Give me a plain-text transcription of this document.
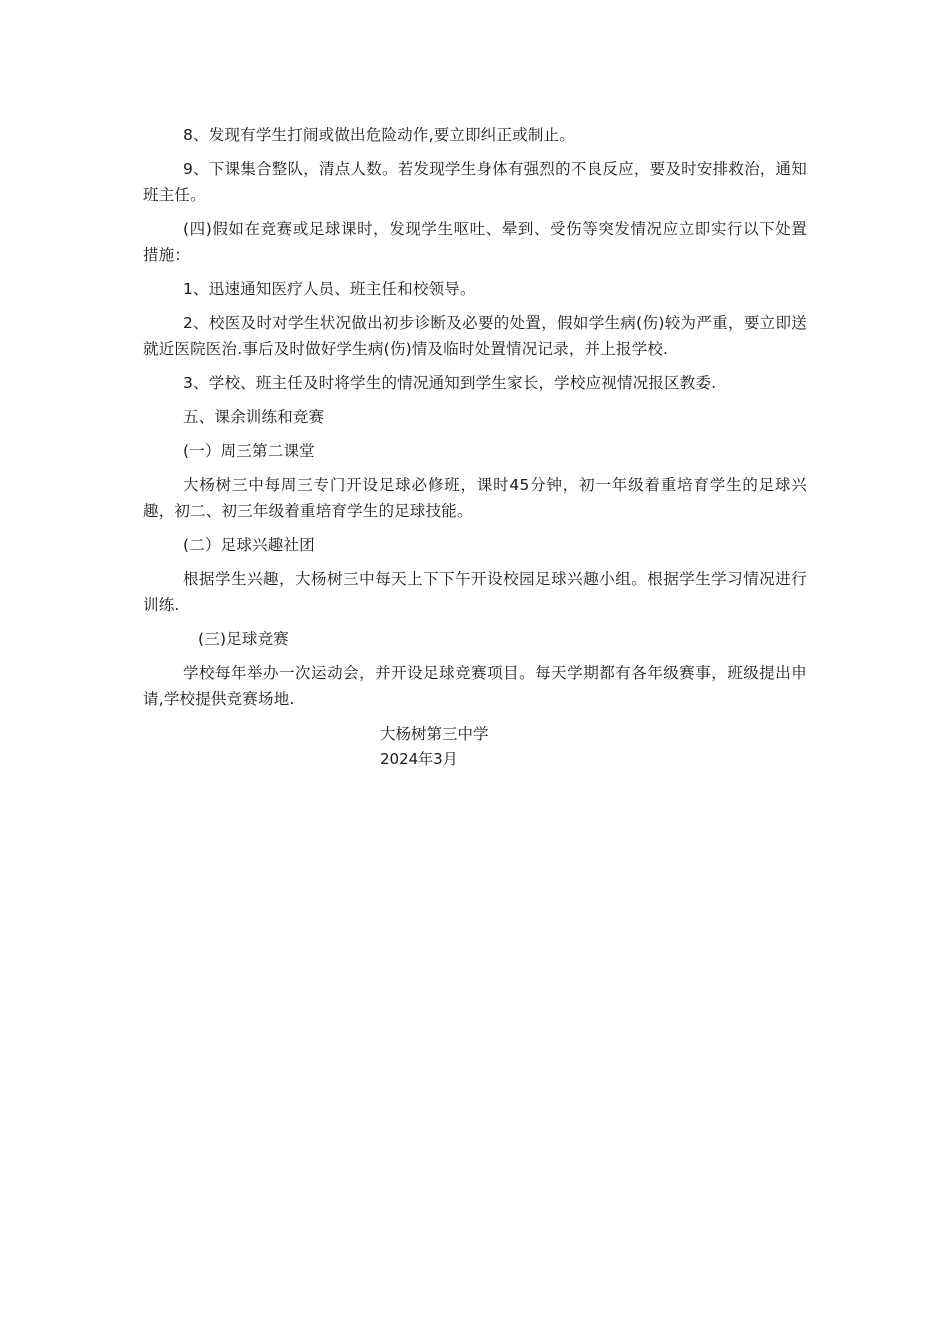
8、发现有学生打闹或做出危险动作,要立即纠正或制止。

9、下课集合整队，清点人数。若发现学生身体有强烈的不良反应，要及时安排救治，通知班主任。

(四)假如在竞赛或足球课时，发现学生呕吐、晕到、受伤等突发情况应立即实行以下处置措施：

1、迅速通知医疗人员、班主任和校领导。

2、校医及时对学生状况做出初步诊断及必要的处置，假如学生病(伤)较为严重，要立即送就近医院医治.事后及时做好学生病(伤)情及临时处置情况记录，并上报学校.

3、学校、班主任及时将学生的情况通知到学生家长，学校应视情况报区教委.

五、课余训练和竞赛

(一）周三第二课堂

大杨树三中每周三专门开设足球必修班，课时45分钟，初一年级着重培育学生的足球兴趣，初二、初三年级着重培育学生的足球技能。

(二）足球兴趣社团

根据学生兴趣，大杨树三中每天上下下午开设校园足球兴趣小组。根据学生学习情况进行训练.

(三)足球竞赛

学校每年举办一次运动会，并开设足球竞赛项目。每天学期都有各年级赛事，班级提出申请,学校提供竞赛场地.

大杨树第三中学
2024年3月
